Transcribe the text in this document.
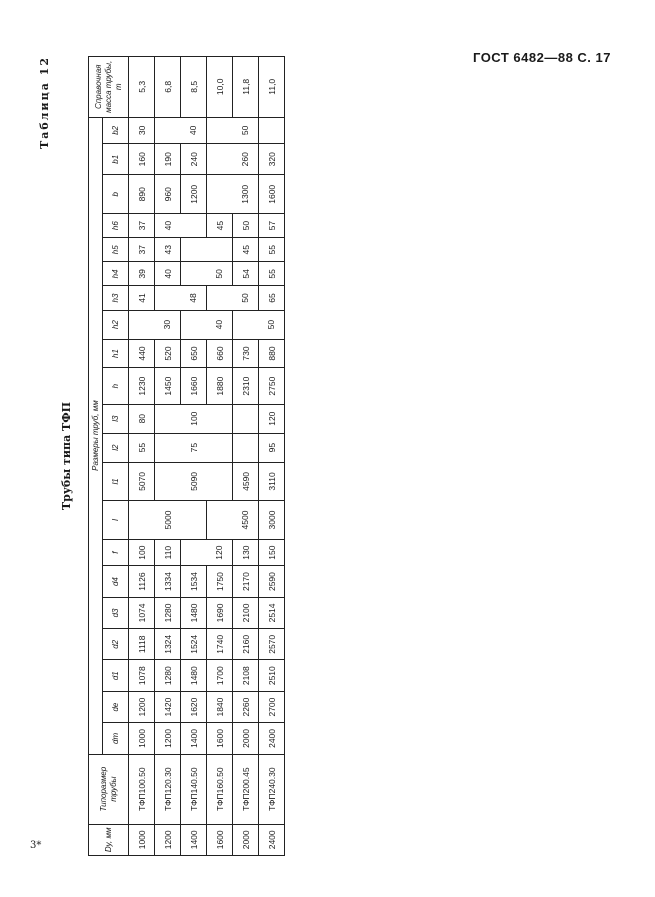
ГОСТ 6482—88 С. 17
3*
Таблица 12
Трубы типа ТФП
Dy, мм	Типоразмер трубы	Размеры труб, мм																					Справочная масса трубы, т
		dт	dе	d1	d2	d3	d4	f	l	l1	l2	l3	h	h1	h2	h3	h4	h5	h6	b	b1	b2	
1000	ТФП100.50	1000	1200	1078	1118	1074	1126	100		5070	55	80	1230	440		41	39	37	37	890	160	30	5,3
1200	ТФП120.30	1200	1420	1280	1324	1280	1334	110	5000				1450	520	30		40	43	40	960	190		6,8
1400	ТФП140.50	1400	1620	1480	1524	1480	1534			5090	75	100	1660	650		48				1200	240	40	8,5
1600	ТФП160.50	1600	1840	1700	1740	1690	1750	120					1880	660	40		50		45				10,0
2000	ТФП200.45	2000	2260	2108	2160	2100	2170	130	4500	4590			2310	730		50	54	45	50	1300	260	50	11,8
2400	ТФП240.30	2400	2700	2510	2570	2514	2590	150	3000	3110	95	120	2750	880	50	65	55	55	57	1600	320		11,0
